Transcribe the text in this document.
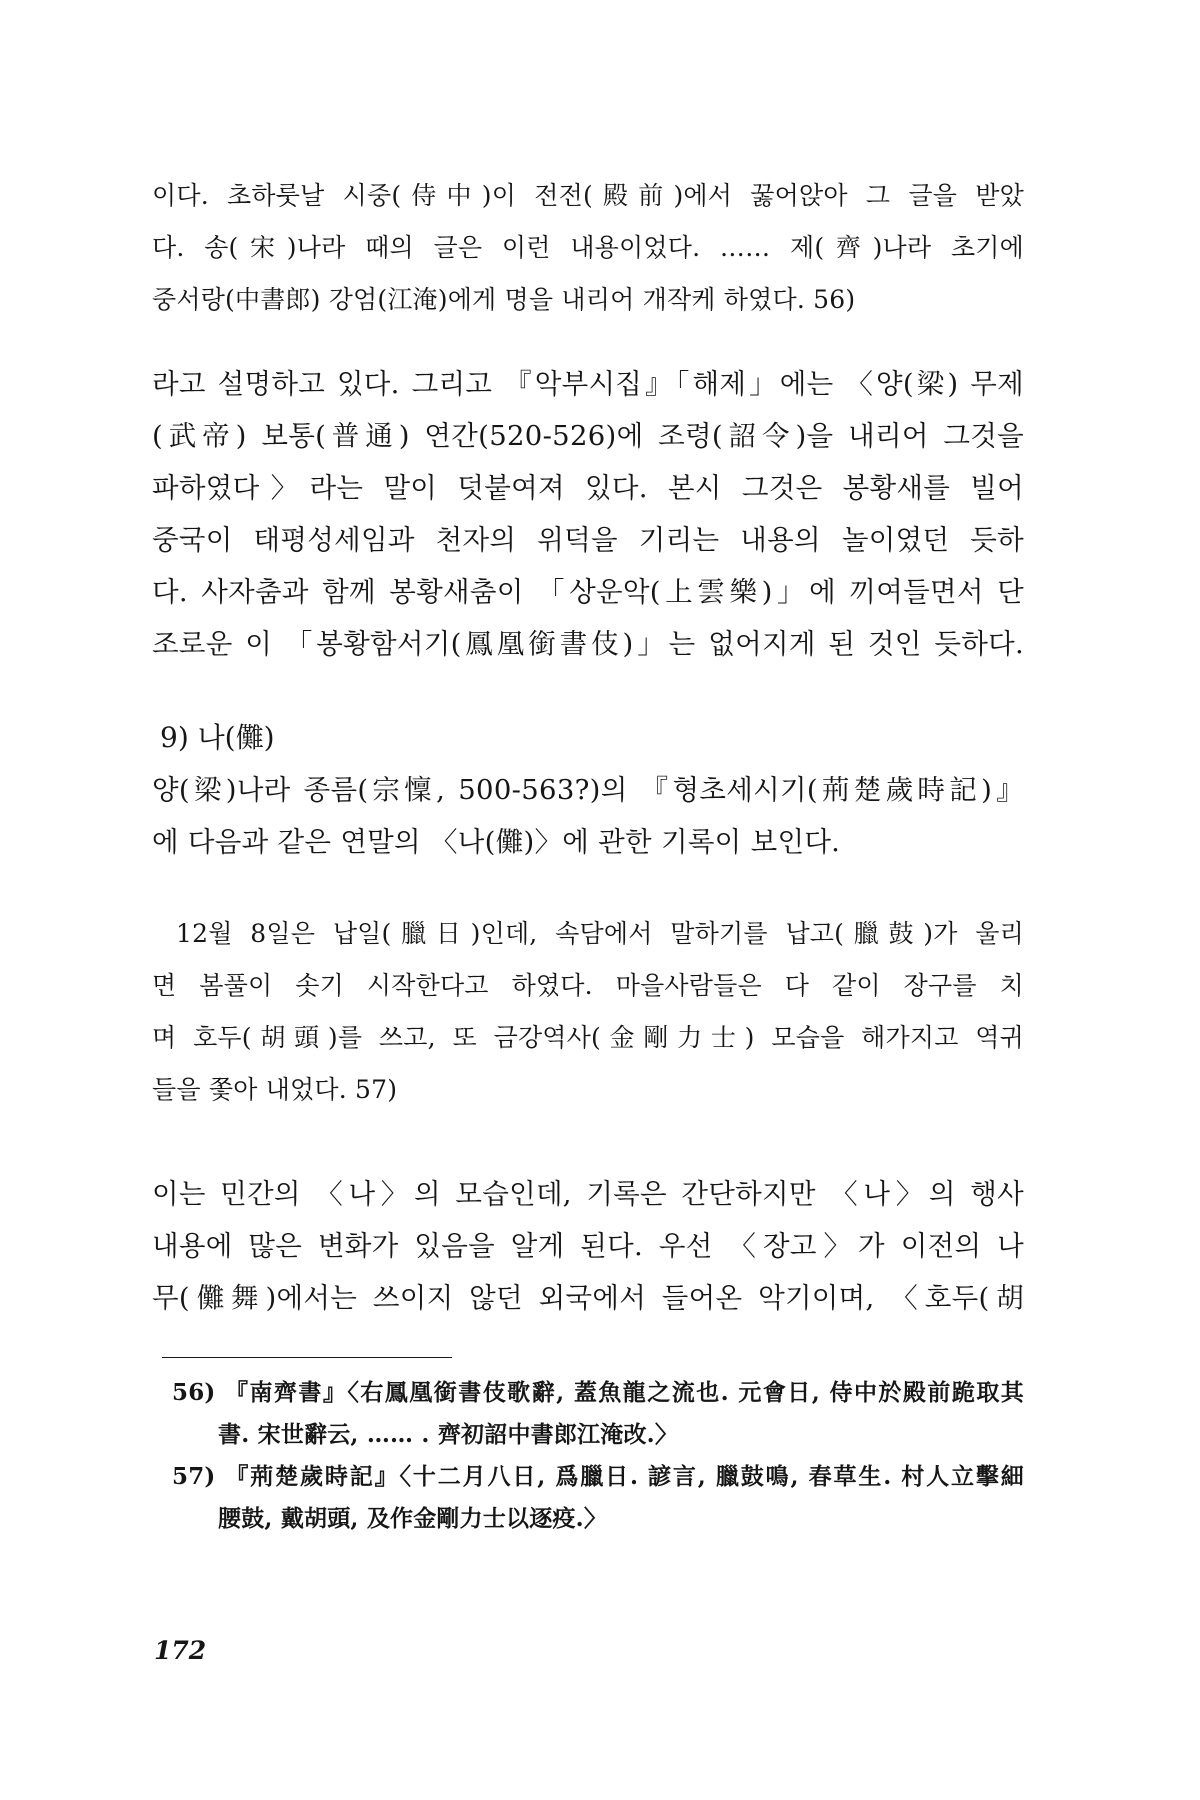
이다. 초하룻날 시중(侍中)이 전전(殿前)에서 꿇어앉아 그 글을 받았
다. 송(宋)나라 때의 글은 이런 내용이었다. …… 제(齊)나라 초기에
중서랑(中書郎) 강엄(江淹)에게 명을 내리어 개작케 하였다. 56)
라고 설명하고 있다. 그리고 『악부시집』「해제」에는 〈양(梁) 무제
(武帝) 보통(普通) 연간(520-526)에 조령(詔令)을 내리어 그것을
파하였다〉라는 말이 덧붙여져 있다. 본시 그것은 봉황새를 빌어
중국이 태평성세임과 천자의 위덕을 기리는 내용의 놀이였던 듯하
다. 사자춤과 함께 봉황새춤이 「상운악(上雲樂)」에 끼여들면서 단
조로운 이 「봉황함서기(鳳凰銜書伎)」는 없어지게 된 것인 듯하다.
9) 나(儺)
양(梁)나라 종름(宗懍, 500-563?)의 『형초세시기(荊楚歲時記)』
에 다음과 같은 연말의 〈나(儺)〉에 관한 기록이 보인다.
12월 8일은 납일(臘日)인데, 속담에서 말하기를 납고(臘鼓)가 울리
면 봄풀이 솟기 시작한다고 하였다. 마을사람들은 다 같이 장구를 치
며 호두(胡頭)를 쓰고, 또 금강역사(金剛力士) 모습을 해가지고 역귀
들을 쫓아 내었다. 57)
이는 민간의 〈나〉의 모습인데, 기록은 간단하지만 〈나〉의 행사
내용에 많은 변화가 있음을 알게 된다. 우선 〈장고〉가 이전의 나
무(儺舞)에서는 쓰이지 않던 외국에서 들어온 악기이며, 〈호두(胡
56) 『南齊書』〈右鳳凰銜書伎歌辭, 蓋魚龍之流也. 元會日, 侍中於殿前跪取其
書. 宋世辭云, …… . 齊初詔中書郎江淹改.〉
57) 『荊楚歲時記』〈十二月八日, 爲臘日. 諺言, 臘鼓鳴, 春草生. 村人立擊細
腰鼓, 戴胡頭, 及作金剛力士以逐疫.〉
172
